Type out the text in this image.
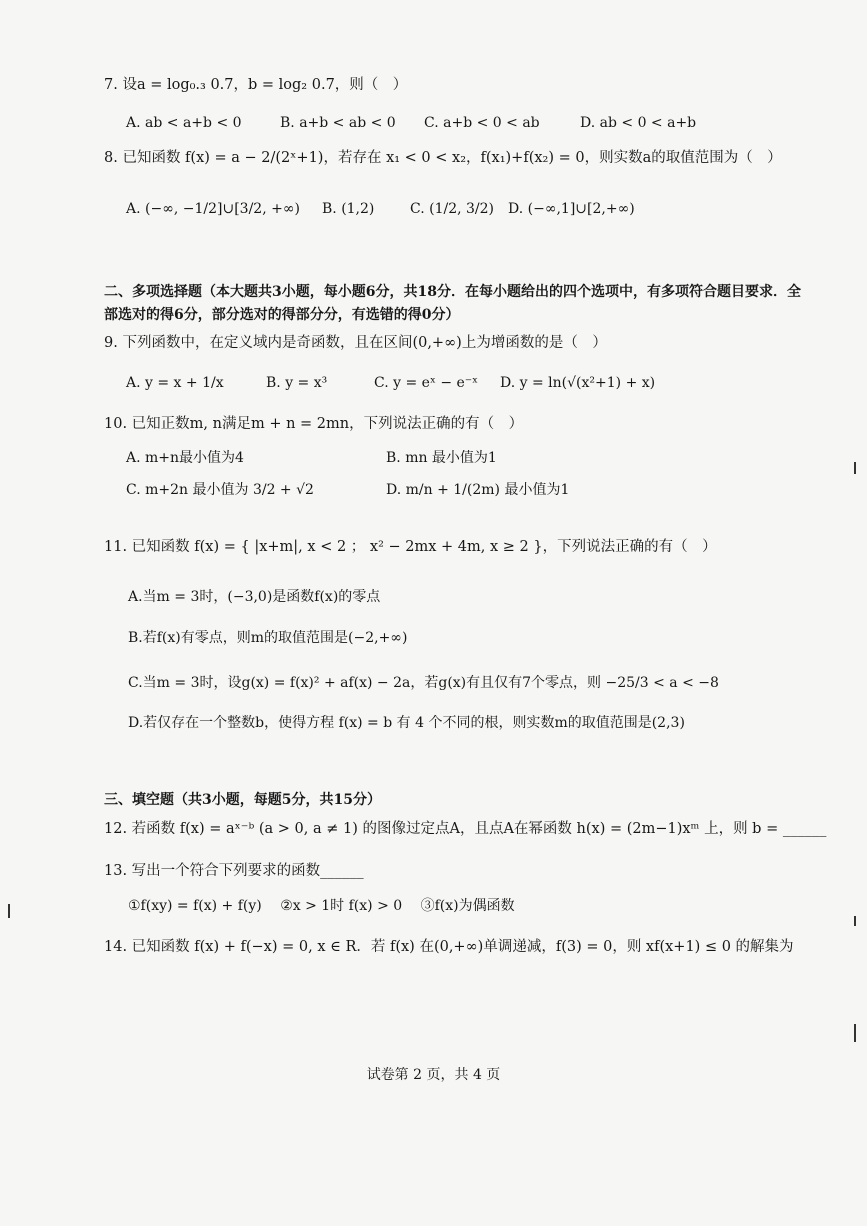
7. 设a = log₀.₃ 0.7，b = log₂ 0.7，则（　）
A. ab < a+b < 0	B. a+b < ab < 0 C. a+b < 0 < ab	D. ab < 0 < a+b
8. 已知函数 f(x) = a − 2/(2ˣ+1)，若存在 x₁ < 0 < x₂，f(x₁)+f(x₂) = 0，则实数a的取值范围为（　）
A. (−∞, −1/2]∪[3/2, +∞) B. (1,2)	C. (1/2, 3/2) D. (−∞,1]∪[2,+∞)
二、多项选择题（本大题共3小题，每小题6分，共18分．在每小题给出的四个选项中，有多项符合题目要求．全
部选对的得6分，部分选对的得部分分，有选错的得0分）
9. 下列函数中，在定义域内是奇函数，且在区间(0,+∞)上为增函数的是（　）
A. y = x + 1/x	B. y = x³	C. y = eˣ − e⁻ˣ D. y = ln(√(x²+1) + x)
10. 已知正数m, n满足m + n = 2mn，下列说法正确的有（　）
A. m+n最小值为4	B. mn 最小值为1
C. m+2n 最小值为 3/2 + √2	D. m/n + 1/(2m) 最小值为1
11. 已知函数 f(x) = { |x+m|, x < 2 ； x² − 2mx + 4m, x ≥ 2 }，下列说法正确的有（　）
A.当m = 3时，(−3,0)是函数f(x)的零点
B.若f(x)有零点，则m的取值范围是(−2,+∞)
C.当m = 3时，设g(x) = f(x)² + af(x) − 2a，若g(x)有且仅有7个零点，则 −25/3 < a < −8
D.若仅存在一个整数b，使得方程 f(x) = b 有 4 个不同的根，则实数m的取值范围是(2,3)
三、填空题（共3小题，每题5分，共15分）
12. 若函数 f(x) = aˣ⁻ᵇ (a > 0, a ≠ 1) 的图像过定点A，且点A在幂函数 h(x) = (2m−1)xᵐ 上，则 b = ______
13. 写出一个符合下列要求的函数______
①f(xy) = f(x) + f(y)　 ②x > 1时 f(x) > 0　 ③f(x)为偶函数
14. 已知函数 f(x) + f(−x) = 0, x ∈ R．若 f(x) 在(0,+∞)单调递减，f(3) = 0，则 xf(x+1) ≤ 0 的解集为
试卷第 2 页，共 4 页
